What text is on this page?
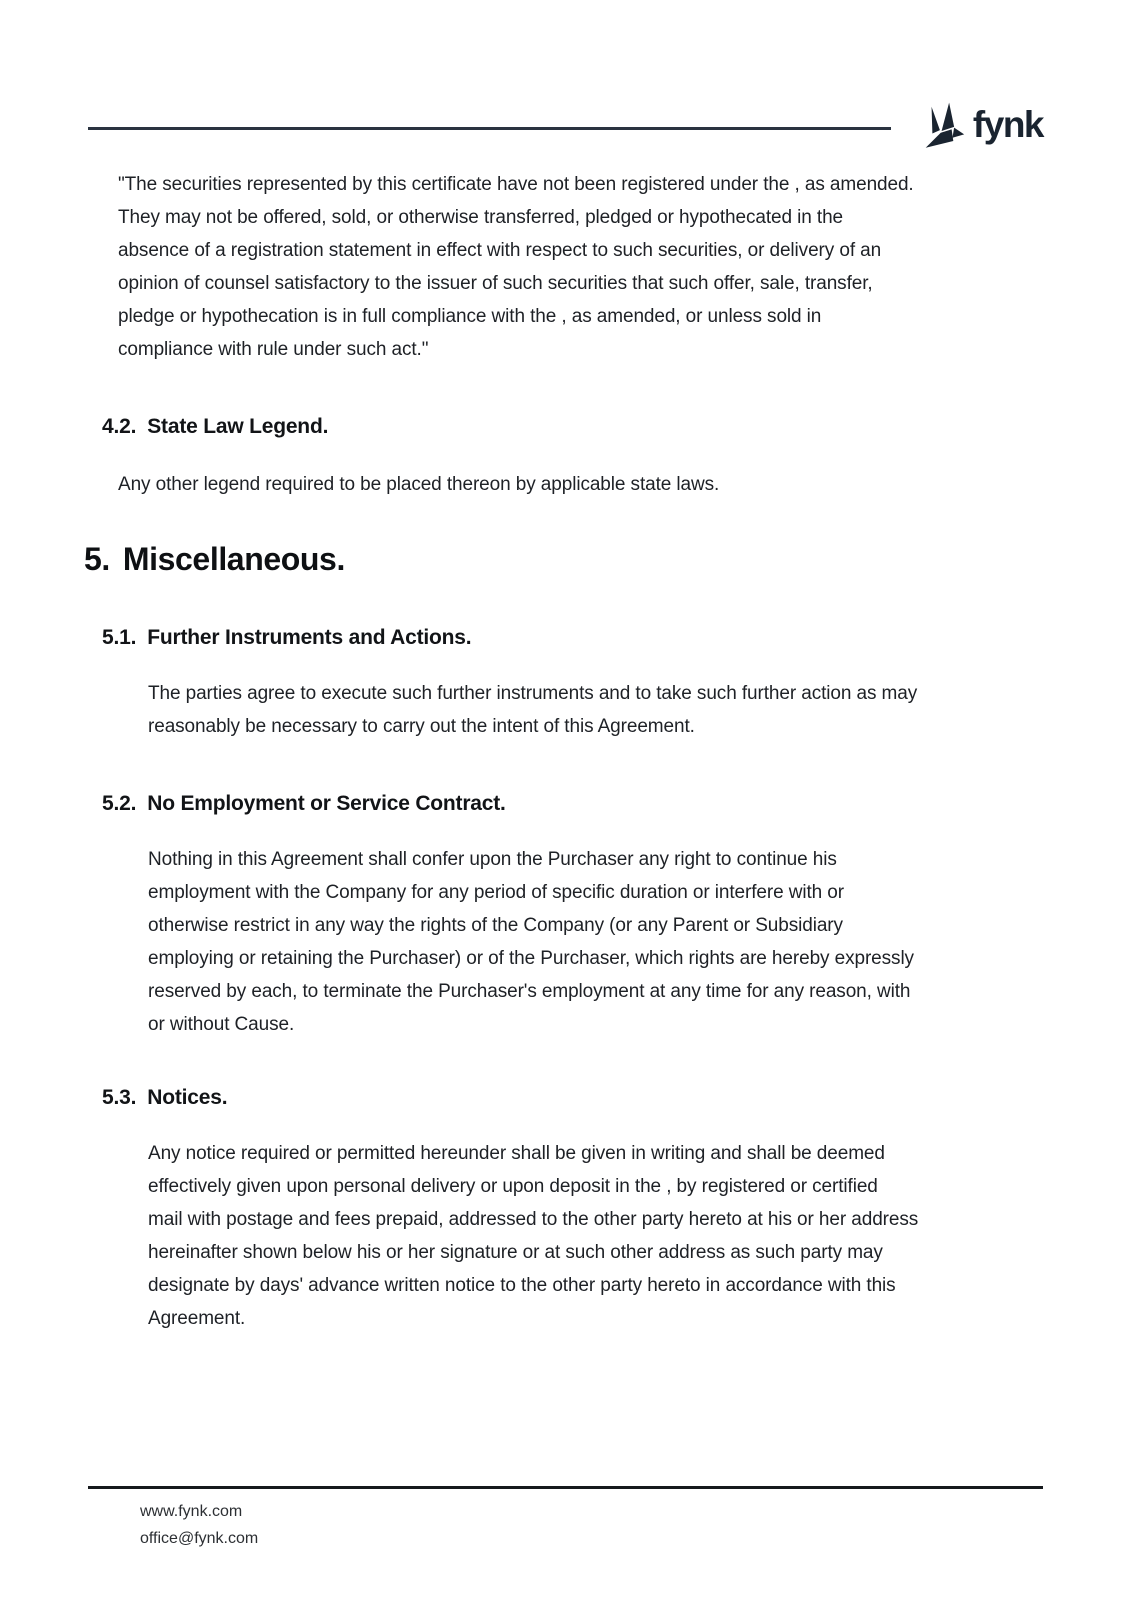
fynk

"The securities represented by this certificate have not been registered under the , as amended.
They may not be offered, sold, or otherwise transferred, pledged or hypothecated in the
absence of a registration statement in effect with respect to such securities, or delivery of an
opinion of counsel satisfactory to the issuer of such securities that such offer, sale, transfer,
pledge or hypothecation is in full compliance with the , as amended, or unless sold in
compliance with rule under such act."

4.2. State Law Legend.

Any other legend required to be placed thereon by applicable state laws.

5. Miscellaneous.
5.1. Further Instruments and Actions.

The parties agree to execute such further instruments and to take such further action as may
reasonably be necessary to carry out the intent of this Agreement.

5.2. No Employment or Service Contract.

Nothing in this Agreement shall confer upon the Purchaser any right to continue his
employment with the Company for any period of specific duration or interfere with or
otherwise restrict in any way the rights of the Company (or any Parent or Subsidiary
employing or retaining the Purchaser) or of the Purchaser, which rights are hereby expressly
reserved by each, to terminate the Purchaser's employment at any time for any reason, with
or without Cause.

5.3. Notices.

Any notice required or permitted hereunder shall be given in writing and shall be deemed
effectively given upon personal delivery or upon deposit in the , by registered or certified
mail with postage and fees prepaid, addressed to the other party hereto at his or her address
hereinafter shown below his or her signature or at such other address as such party may
designate by days' advance written notice to the other party hereto in accordance with this
Agreement.

www.fynk.com
office@fynk.com
